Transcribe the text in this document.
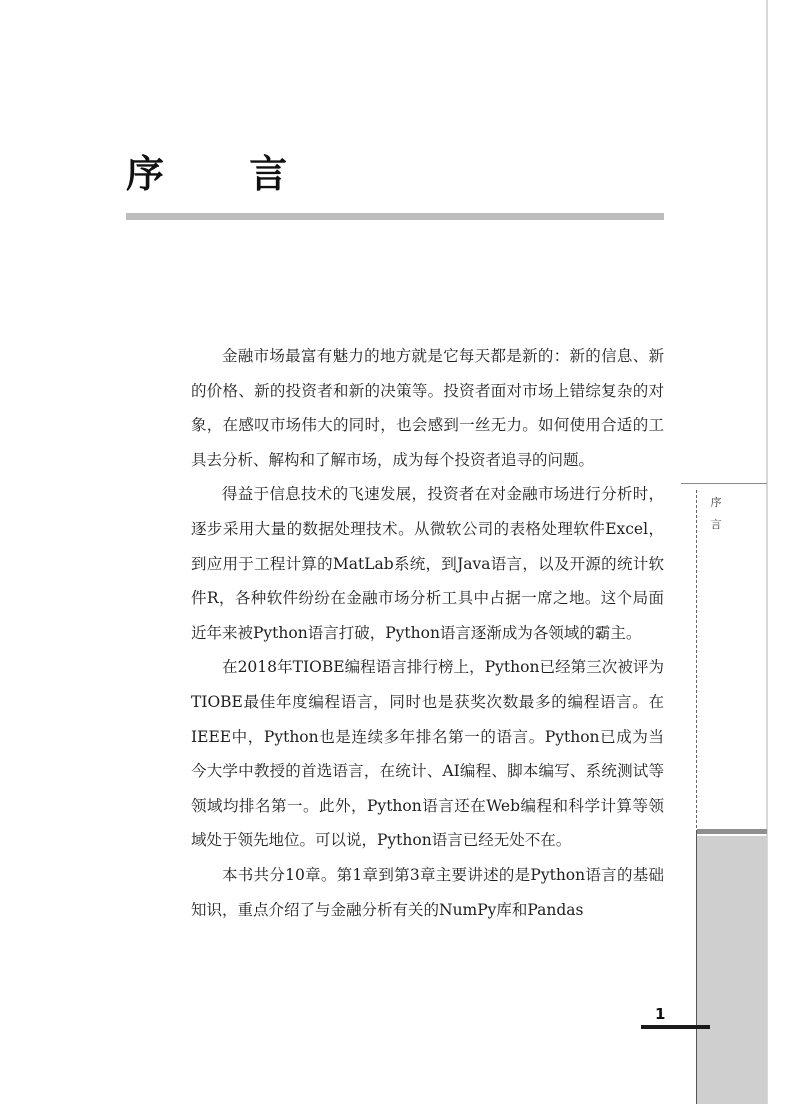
序 言

金融市场最富有魅力的地方就是它每天都是新的：新的信息、新的价格、新的投资者和新的决策等。投资者面对市场上错综复杂的对象，在感叹市场伟大的同时，也会感到一丝无力。如何使用合适的工具去分析、解构和了解市场，成为每个投资者追寻的问题。

得益于信息技术的飞速发展，投资者在对金融市场进行分析时，逐步采用大量的数据处理技术。从微软公司的表格处理软件Excel，到应用于工程计算的MatLab系统，到Java语言，以及开源的统计软件R，各种软件纷纷在金融市场分析工具中占据一席之地。这个局面近年来被Python语言打破，Python语言逐渐成为各领域的霸主。

在2018年TIOBE编程语言排行榜上，Python已经第三次被评为TIOBE最佳年度编程语言，同时也是获奖次数最多的编程语言。在IEEE中，Python也是连续多年排名第一的语言。Python已成为当今大学中教授的首选语言，在统计、AI编程、脚本编写、系统测试等领域均排名第一。此外，Python语言还在Web编程和科学计算等领域处于领先地位。可以说，Python语言已经无处不在。

本书共分10章。第1章到第3章主要讲述的是Python语言的基础知识，重点介绍了与金融分析有关的NumPy库和Pandas

序
言
1
